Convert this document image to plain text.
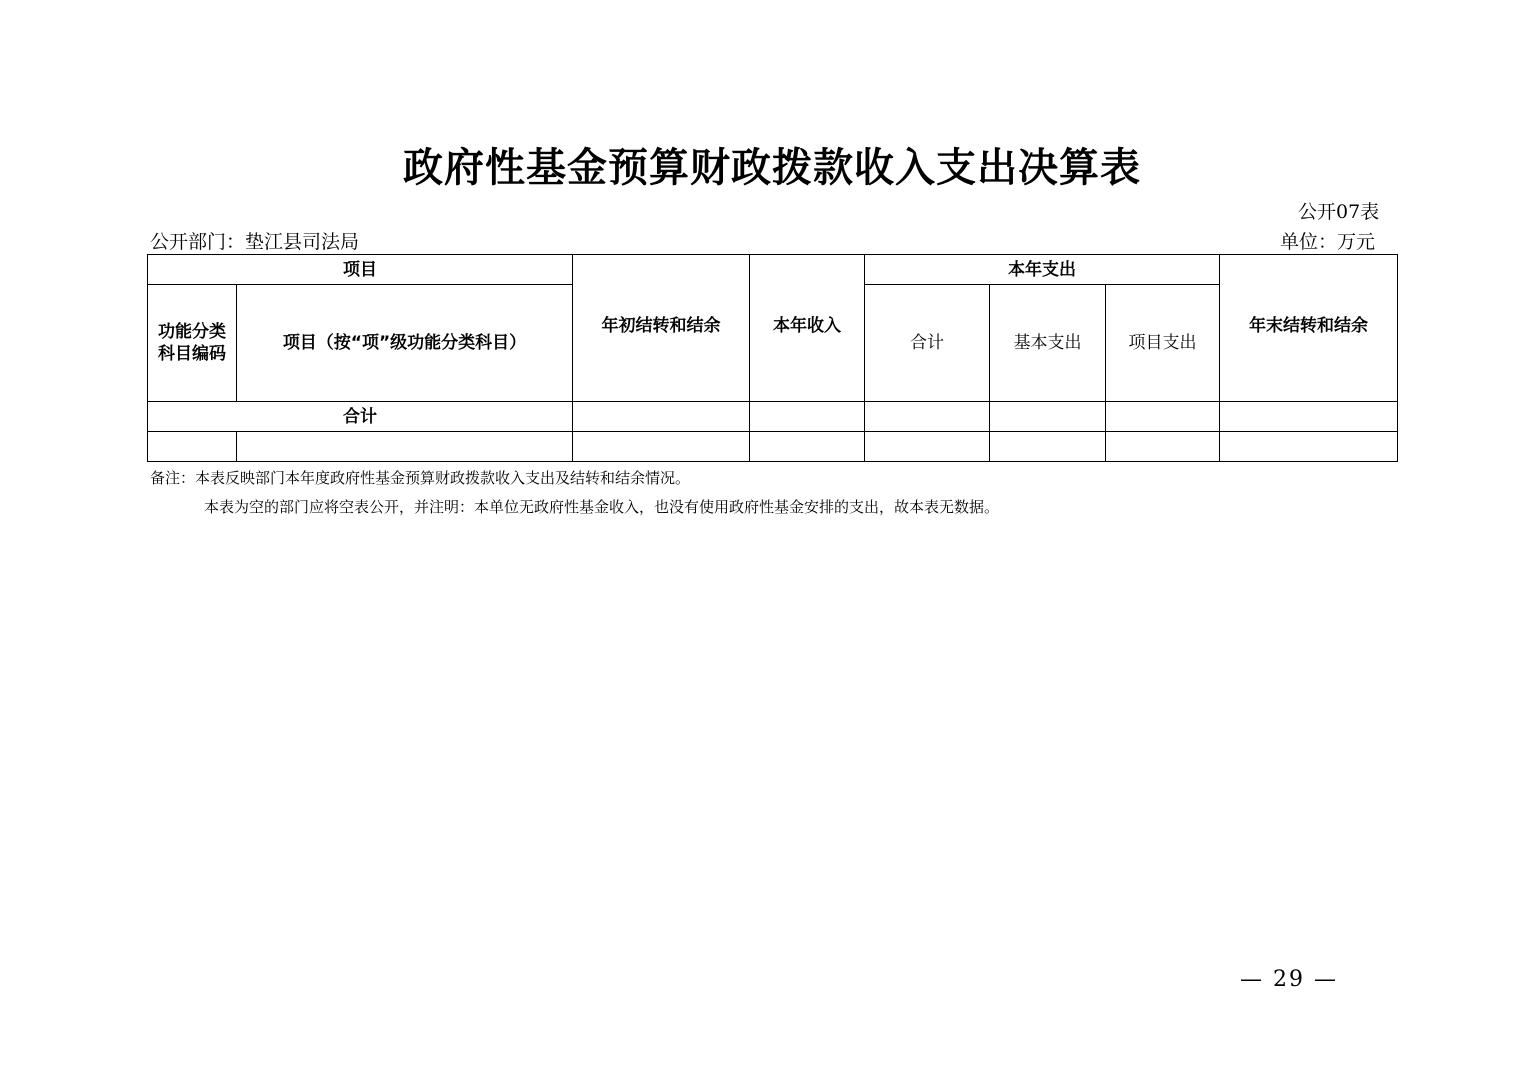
政府性基金预算财政拨款收入支出决算表
公开07表
公开部门：垫江县司法局	单位：万元
项目		年初结转和结余	本年收入	本年支出			年末结转和结余
功能分类科目编码	项目（按“项”级功能分类科目）			合计	基本支出	项目支出	
合计							

备注：本表反映部门本年度政府性基金预算财政拨款收入支出及结转和结余情况。
本表为空的部门应将空表公开，并注明：本单位无政府性基金收入，也没有使用政府性基金安排的支出，故本表无数据。
— 29 —
